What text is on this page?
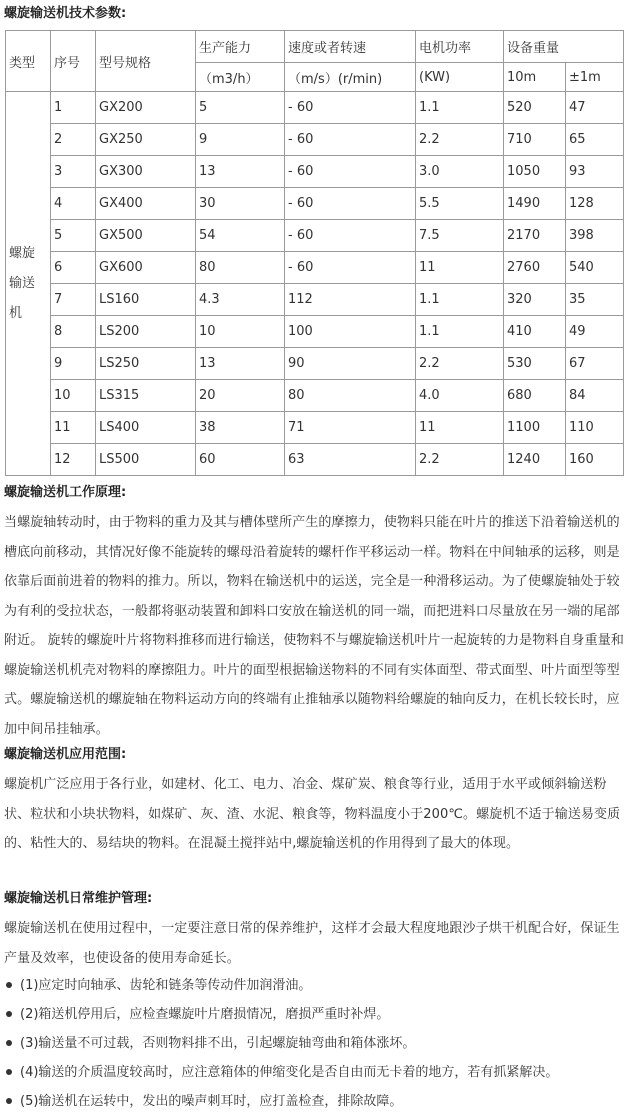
螺旋输送机技术参数:
类型	序号	型号规格	生产能力	速度或者转速	电机功率	设备重量	
			（m3/h）	（m/s）(r/min)	(KW)	10m	±1m

螺旋
输送
机	1	GX200	5	- 60	1.1	520	47
	2	GX250	9	- 60	2.2	710	65
	3	GX300	13	- 60	3.0	1050	93
	4	GX400	30	- 60	5.5	1490	128
	5	GX500	54	- 60	7.5	2170	398
	6	GX600	80	- 60	11	2760	540
	7	LS160	4.3	112	1.1	320	35
	8	LS200	10	100	1.1	410	49
	9	LS250	13	90	2.2	530	67
	10	LS315	20	80	4.0	680	84
	11	LS400	38	71	11	1100	110
	12	LS500	60	63	2.2	1240	160
螺旋输送机工作原理:

当螺旋轴转动时，由于物料的重力及其与槽体壁所产生的摩擦力，使物料只能在叶片的推送下沿着输送机的槽底向前移动，其情况好像不能旋转的螺母沿着旋转的螺杆作平移运动一样。物料在中间轴承的运移，则是依靠后面前进着的物料的推力。所以，物料在输送机中的运送，完全是一种滑移运动。为了使螺旋轴处于较为有利的受拉状态，一般都将驱动装置和卸料口安放在输送机的同一端，而把进料口尽量放在另一端的尾部附近。 旋转的螺旋叶片将物料推移而进行输送，使物料不与螺旋输送机叶片一起旋转的力是物料自身重量和螺旋输送机机壳对物料的摩擦阻力。叶片的面型根据输送物料的不同有实体面型、带式面型、叶片面型等型式。螺旋输送机的螺旋轴在物料运动方向的终端有止推轴承以随物料给螺旋的轴向反力，在机长较长时，应加中间吊挂轴承。

螺旋输送机应用范围:

螺旋机广泛应用于各行业，如建材、化工、电力、冶金、煤矿炭、粮食等行业，适用于水平或倾斜输送粉状、粒状和小块状物料，如煤矿、灰、渣、水泥、粮食等，物料温度小于200℃。螺旋机不适于输送易变质的、粘性大的、易结块的物料。在混凝土搅拌站中,螺旋输送机的作用得到了最大的体现。

螺旋输送机日常维护管理:

螺旋输送机在使用过程中，一定要注意日常的保养维护，这样才会最大程度地跟沙子烘干机配合好，保证生产量及效率，也使设备的使用寿命延长。

(1)应定时向轴承、齿轮和链条等传动件加润滑油。
(2)箱送机停用后，应检查螺旋叶片磨损情况，磨损严重时补焊。
(3)输送量不可过载，否则物料排不出，引起螺旋轴弯曲和箱体涨坏。
(4)输送的介质温度较高时，应注意箱体的伸缩变化是否自由而无卡着的地方，若有抓紧解决。
(5)输送机在运转中，发出的噪声刺耳时，应打盖检查，排除故障。
